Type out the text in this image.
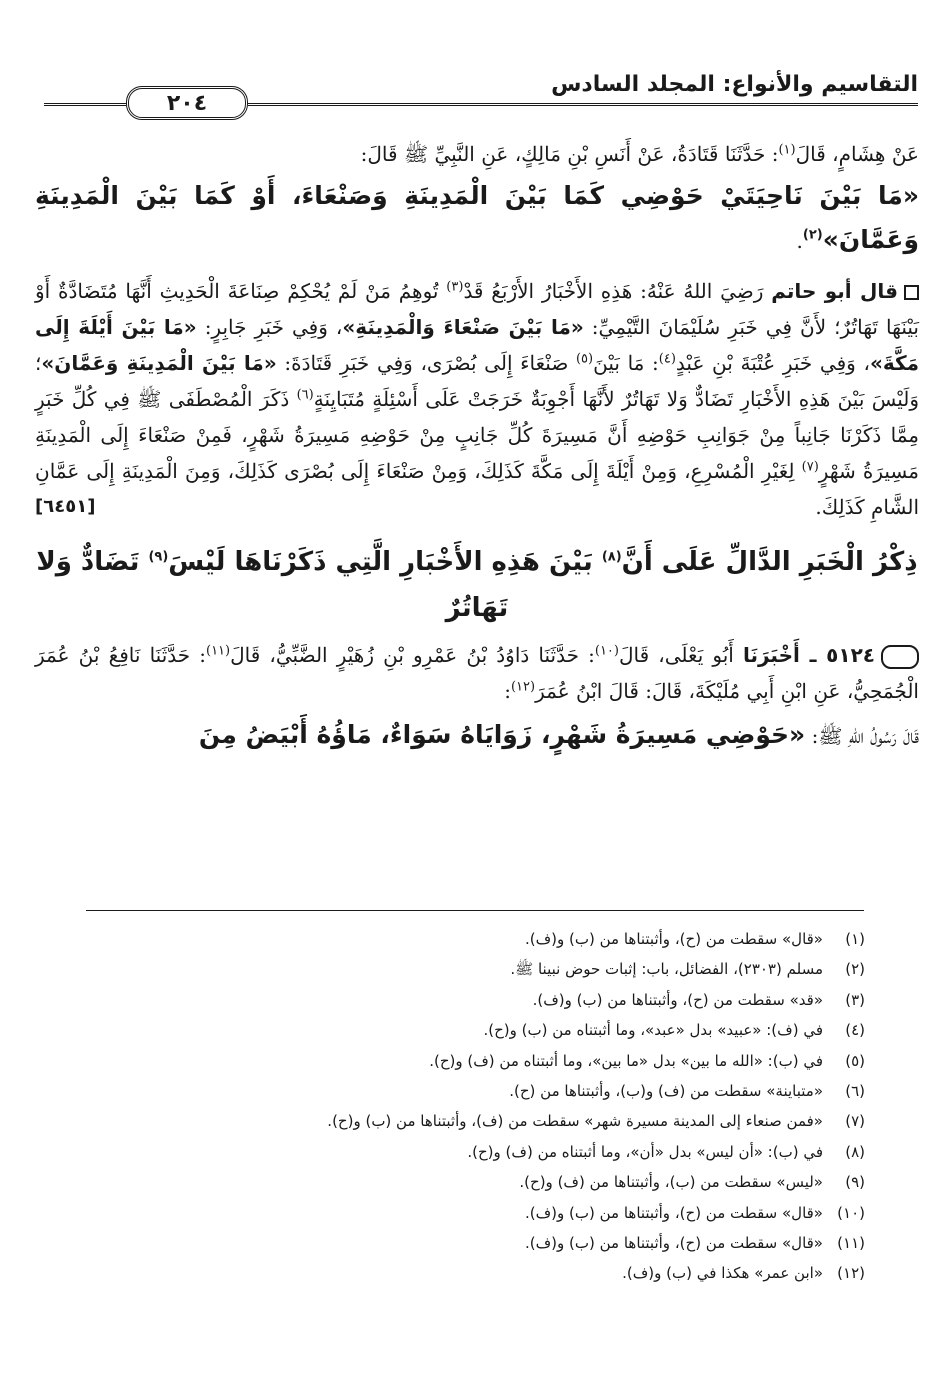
التقاسيم والأنواع: المجلد السادس
٢٠٤

عَنْ هِشَامٍ، قَالَ$^{(١)}$: حَدَّثَنَا قَتَادَةُ، عَنْ أَنَسِ بْنِ مَالِكٍ، عَنِ النَّبِيِّ ﷺ قَالَ:

«مَا بَيْنَ نَاحِيَتَيْ حَوْضِي كَمَا بَيْنَ الْمَدِينَةِ وَصَنْعَاءَ، أَوْ كَمَا بَيْنَ الْمَدِينَةِ وَعَمَّانَ»$^{(٢)}$.

قال أبو حاتم رَضِيَ اللهُ عَنْهُ: هَذِهِ الأَخْبَارُ الأَرْبَعُ قَدْ$^{(٣)}$ تُوهِمُ مَنْ لَمْ يُحْكِمْ صِنَاعَةَ الْحَدِيثِ أَنَّهَا مُتَضَادَّةٌ أَوْ بَيْنَهَا تَهَاتُرٌ؛ لأَنَّ فِي خَبَرِ سُلَيْمَانَ التَّيْمِيِّ: «مَا بَيْنَ صَنْعَاءَ وَالْمَدِينَةِ»، وَفِي خَبَرِ جَابِرٍ: «مَا بَيْنَ أَيْلَةَ إِلَى مَكَّةَ»، وَفِي خَبَرِ عُتْبَةَ بْنِ عَبْدٍ$^{(٤)}$: مَا بَيْنَ$^{(٥)}$ صَنْعَاءَ إِلَى بُصْرَى، وَفِي خَبَرِ قَتَادَةَ: «مَا بَيْنَ الْمَدِينَةِ وَعَمَّانَ»؛ وَلَيْسَ بَيْنَ هَذِهِ الأَخْبَارِ تَضَادٌّ وَلا تَهَاتُرٌ لأَنَّهَا أَجْوِبَةٌ خَرَجَتْ عَلَى أَسْئِلَةٍ مُتَبَايِنَةٍ$^{(٦)}$ ذَكَرَ الْمُصْطَفَى ﷺ فِي كُلِّ خَبَرٍ مِمَّا ذَكَرْنَا جَانِباً مِنْ جَوَانِبِ حَوْضِهِ أَنَّ مَسِيرَةَ كُلِّ جَانِبٍ مِنْ حَوْضِهِ مَسِيرَةُ شَهْرٍ، فَمِنْ صَنْعَاءَ إِلَى الْمَدِينَةِ مَسِيرَةُ شَهْرٍ$^{(٧)}$ لِغَيْرِ الْمُسْرِعِ، وَمِنْ أَيْلَةَ إِلَى مَكَّةَ كَذَلِكَ، وَمِنْ صَنْعَاءَ إِلَى بُصْرَى كَذَلِكَ، وَمِنَ الْمَدِينَةِ إِلَى عَمَّانِ الشَّامِ كَذَلِكَ.

[٦٤٥١]
ذِكْرُ الْخَبَرِ الدَّالِّ عَلَى أَنَّ$^{(٨)}$ بَيْنَ هَذِهِ الأَخْبَارِ الَّتِي ذَكَرْنَاهَا لَيْسَ$^{(٩)}$ تَضَادٌّ وَلا تَهَاتُرٌ

٥١٢٤ ـ أَخْبَرَنَا أَبُو يَعْلَى، قَالَ$^{(١٠)}$: حَدَّثَنَا دَاوُدُ بْنُ عَمْرِو بْنِ زُهَيْرٍ الضَّبِّيُّ، قَالَ$^{(١١)}$: حَدَّثَنَا نَافِعُ بْنُ عُمَرَ الْجُمَحِيُّ، عَنِ ابْنِ أَبِي مُلَيْكَةَ، قَالَ: قَالَ ابْنُ عُمَرَ$^{(١٢)}$:

قَالَ رَسُولُ اللهِ ﷺ: «حَوْضِي مَسِيرَةُ شَهْرٍ، زَوَايَاهُ سَوَاءٌ، مَاؤُهُ أَبْيَضُ مِنَ

(١)
«قال» سقطت من (ح)، وأثبتناها من (ب) و(ف).
(٢)
مسلم (٢٣٠٣)، الفضائل، باب: إثبات حوض نبينا ﷺ.
(٣)
«قد» سقطت من (ح)، وأثبتناها من (ب) و(ف).
(٤)
في (ف): «عبيد» بدل «عبد»، وما أثبتناه من (ب) و(ح).
(٥)
في (ب): «الله ما بين» بدل «ما بين»، وما أثبتناه من (ف) و(ح).
(٦)
«متباينة» سقطت من (ف) و(ب)، وأثبتناها من (ح).
(٧)
«فمن صنعاء إلى المدينة مسيرة شهر» سقطت من (ف)، وأثبتناها من (ب) و(ح).
(٨)
في (ب): «أن ليس» بدل «أن»، وما أثبتناه من (ف) و(ح).
(٩)
«ليس» سقطت من (ب)، وأثبتناها من (ف) و(ح).
(١٠)
«قال» سقطت من (ح)، وأثبتناها من (ب) و(ف).
(١١)
«قال» سقطت من (ح)، وأثبتناها من (ب) و(ف).
(١٢)
«ابن عمر» هكذا في (ب) و(ف).
